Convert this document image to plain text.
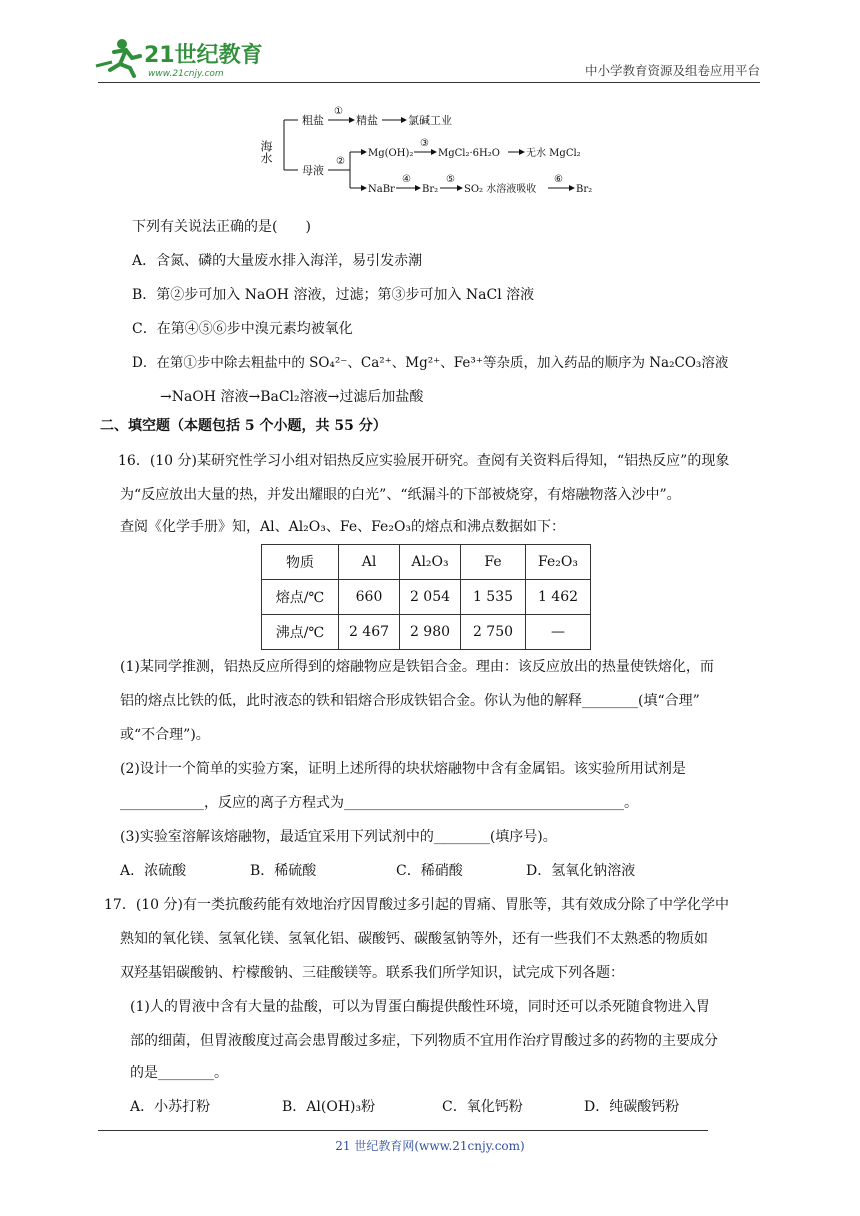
21世纪教育
www.21cnjy.com	中小学教育资源及组卷应用平台
海水
粗盐
①
精盐	氯碱工业
母液
②
Mg(OH)₂
③
MgCl₂·6H₂O	无水 MgCl₂
NaBr
④
Br₂
⑤
SO₂ 水溶液吸收
⑥
Br₂
下列有关说法正确的是(　　)
A．含氮、磷的大量废水排入海洋，易引发赤潮
B．第②步可加入 NaOH 溶液，过滤；第③步可加入 NaCl 溶液
C．在第④⑤⑥步中溴元素均被氧化
D．在第①步中除去粗盐中的 SO₄²⁻、Ca²⁺、Mg²⁺、Fe³⁺等杂质，加入药品的顺序为 Na₂CO₃溶液
→NaOH 溶液→BaCl₂溶液→过滤后加盐酸
二、填空题（本题包括 5 个小题，共 55 分）
16．(10 分)某研究性学习小组对铝热反应实验展开研究。查阅有关资料后得知，“铝热反应”的现象
为“反应放出大量的热，并发出耀眼的白光”、“纸漏斗的下部被烧穿，有熔融物落入沙中”。
查阅《化学手册》知，Al、Al₂O₃、Fe、Fe₂O₃的熔点和沸点数据如下：
物质	Al	Al₂O₃	Fe	Fe₂O₃
熔点/℃	660	2 054	1 535	1 462
沸点/℃	2 467	2 980	2 750	—
(1)某同学推测，铝热反应所得到的熔融物应是铁铝合金。理由：该反应放出的热量使铁熔化，而
铝的熔点比铁的低，此时液态的铁和铝熔合形成铁铝合金。你认为他的解释________(填“合理”
或“不合理”)。
(2)设计一个简单的实验方案，证明上述所得的块状熔融物中含有金属铝。该实验所用试剂是
____________，反应的离子方程式为________________________________________。
(3)实验室溶解该熔融物，最适宜采用下列试剂中的________(填序号)。
A．浓硫酸	B．稀硫酸	C．稀硝酸	D．氢氧化钠溶液
17．(10 分)有一类抗酸药能有效地治疗因胃酸过多引起的胃痛、胃胀等，其有效成分除了中学化学中
熟知的氧化镁、氢氧化镁、氢氧化铝、碳酸钙、碳酸氢钠等外，还有一些我们不太熟悉的物质如
双羟基铝碳酸钠、柠檬酸钠、三硅酸镁等。联系我们所学知识，试完成下列各题：
(1)人的胃液中含有大量的盐酸，可以为胃蛋白酶提供酸性环境，同时还可以杀死随食物进入胃
部的细菌，但胃液酸度过高会患胃酸过多症，下列物质不宜用作治疗胃酸过多的药物的主要成分
的是________。
A．小苏打粉	B．Al(OH)₃粉	C．氧化钙粉	D．纯碳酸钙粉
21 世纪教育网(www.21cnjy.com)
